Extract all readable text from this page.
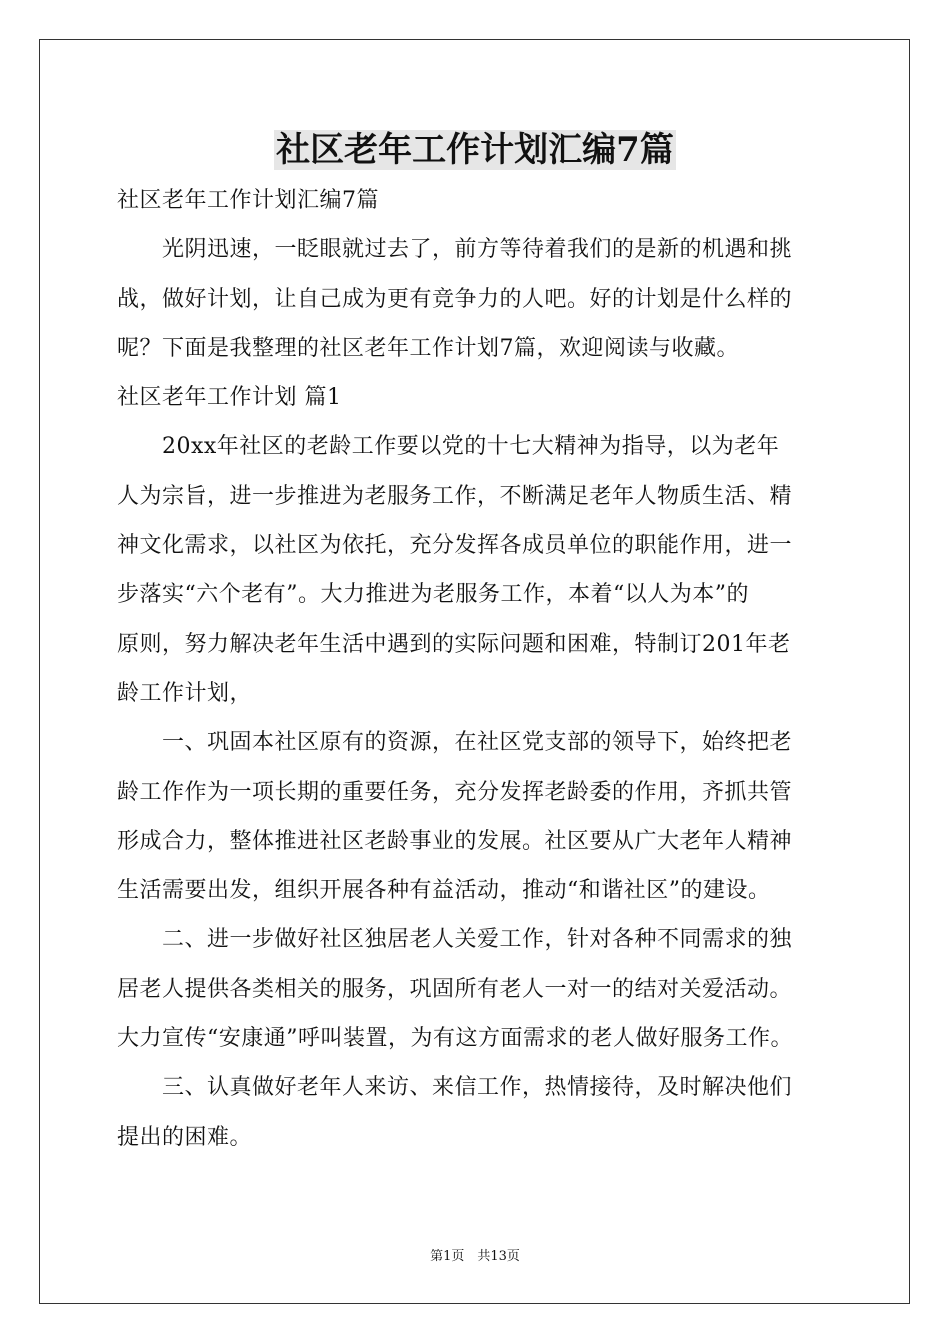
社区老年工作计划汇编7篇
社区老年工作计划汇编7篇
　　光阴迅速，一眨眼就过去了，前方等待着我们的是新的机遇和挑
战，做好计划，让自己成为更有竞争力的人吧。好的计划是什么样的
呢？下面是我整理的社区老年工作计划7篇，欢迎阅读与收藏。
社区老年工作计划 篇1
　　20xx年社区的老龄工作要以党的十七大精神为指导，以为老年
人为宗旨，进一步推进为老服务工作，不断满足老年人物质生活、精
神文化需求，以社区为依托，充分发挥各成员单位的职能作用，进一
步落实“六个老有”。大力推进为老服务工作，本着“以人为本”的
原则，努力解决老年生活中遇到的实际问题和困难，特制订201年老
龄工作计划，
　　一、巩固本社区原有的资源，在社区党支部的领导下，始终把老
龄工作作为一项长期的重要任务，充分发挥老龄委的作用，齐抓共管
形成合力，整体推进社区老龄事业的发展。社区要从广大老年人精神
生活需要出发，组织开展各种有益活动，推动“和谐社区”的建设。
　　二、进一步做好社区独居老人关爱工作，针对各种不同需求的独
居老人提供各类相关的服务，巩固所有老人一对一的结对关爱活动。
大力宣传“安康通”呼叫装置，为有这方面需求的老人做好服务工作。
　　三、认真做好老年人来访、来信工作，热情接待，及时解决他们
提出的困难。
第1页　共13页
